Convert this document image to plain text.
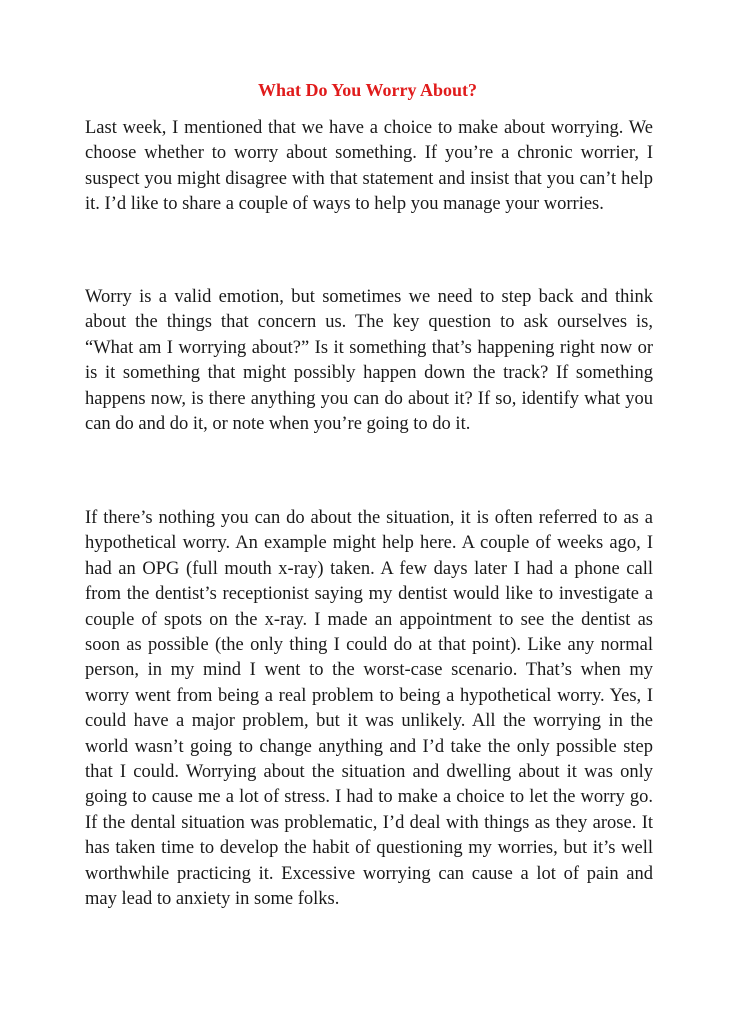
What Do You Worry About?

Last week, I mentioned that we have a choice to make about worrying. We choose whether to worry about something. If you’re a chronic worrier, I suspect you might disagree with that statement and insist that you can’t help it. I’d like to share a couple of ways to help you manage your worries.

Worry is a valid emotion, but sometimes we need to step back and think about the things that concern us. The key question to ask ourselves is, “What am I worrying about?” Is it something that’s happening right now or is it something that might possibly happen down the track? If something happens now, is there anything you can do about it? If so, identify what you can do and do it, or note when you’re going to do it.

If there’s nothing you can do about the situation, it is often referred to as a hypothetical worry. An example might help here. A couple of weeks ago, I had an OPG (full mouth x-ray) taken. A few days later I had a phone call from the dentist’s receptionist saying my dentist would like to investigate a couple of spots on the x-ray. I made an appointment to see the dentist as soon as possible (the only thing I could do at that point). Like any normal person, in my mind I went to the worst-case scenario. That’s when my worry went from being a real problem to being a hypothetical worry. Yes, I could have a major problem, but it was unlikely. All the worrying in the world wasn’t going to change anything and I’d take the only possible step that I could. Worrying about the situation and dwelling about it was only going to cause me a lot of stress. I had to make a choice to let the worry go. If the dental situation was problematic, I’d deal with things as they arose. It has taken time to develop the habit of questioning my worries, but it’s well worthwhile practicing it. Excessive worrying can cause a lot of pain and may lead to anxiety in some folks.
